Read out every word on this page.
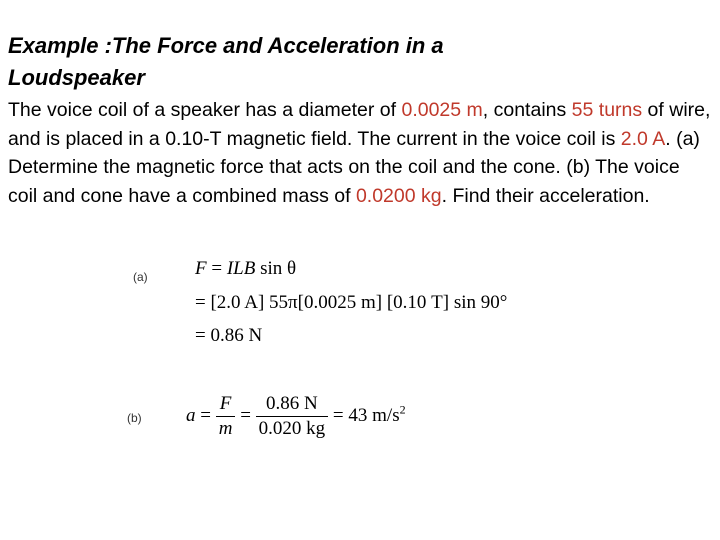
Example :The Force and Acceleration in a
Loudspeaker
The voice coil of a speaker has a diameter of 0.0025 m, contains 55 turns of wire, and is placed in a 0.10-T magnetic field. The current in the voice coil is 2.0 A. (a) Determine the magnetic force that acts on the coil and the cone. (b) The voice coil and cone have a combined mass of 0.0200 kg. Find their acceleration.
(a) F = ILB sin θ
= [2.0 A] 55π[0.0025 m] [0.10 T] sin 90°
= 0.86 N
(b) $a = \frac{F}{m} = \frac{0.86 N}{0.020 kg} = 43$ $m/s^2$
